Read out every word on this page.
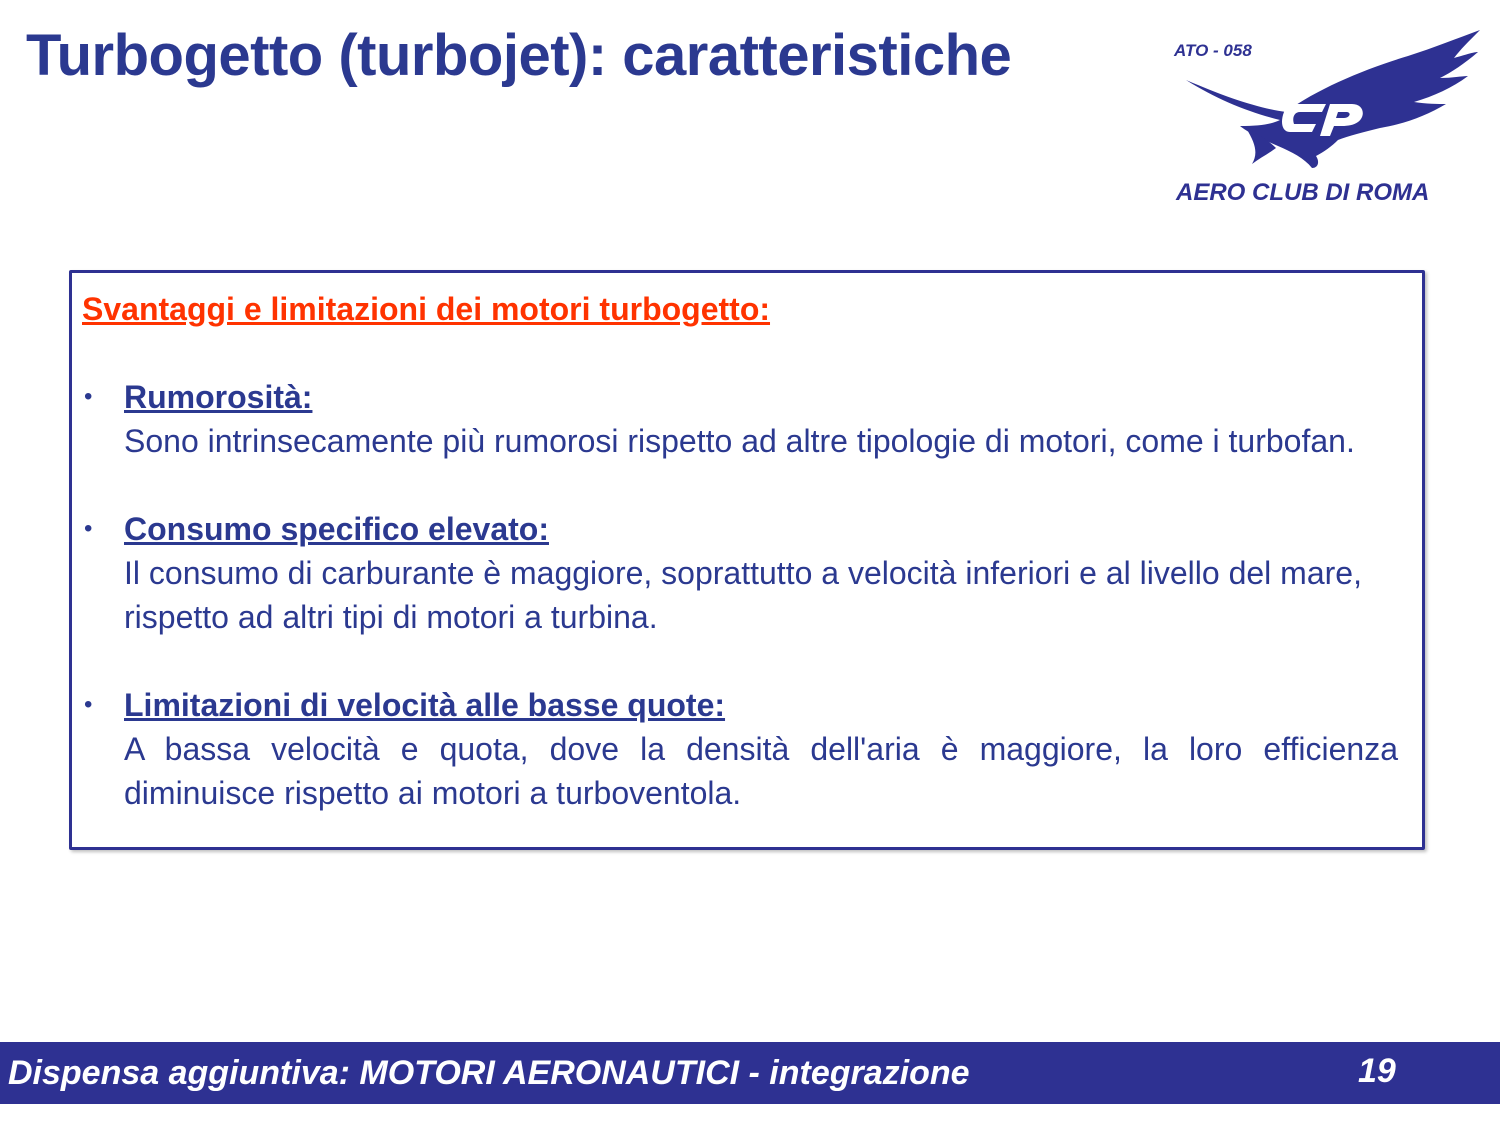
Turbogetto (turbojet): caratteristiche	ATO - 058
AERO CLUB DI ROMA
Svantaggi e limitazioni dei motori turbogetto:
• Rumorosità:
Sono intrinsecamente più rumorosi rispetto ad altre tipologie di motori, come i turbofan.
• Consumo specifico elevato:
Il consumo di carburante è maggiore, soprattutto a velocità inferiori e al livello del mare, rispetto ad altri tipi di motori a turbina.
• Limitazioni di velocità alle basse quote:
A bassa velocità e quota, dove la densità dell'aria è maggiore, la loro efficienza diminuisce rispetto ai motori a turboventola.
Dispensa aggiuntiva: MOTORI AERONAUTICI - integrazione	19
